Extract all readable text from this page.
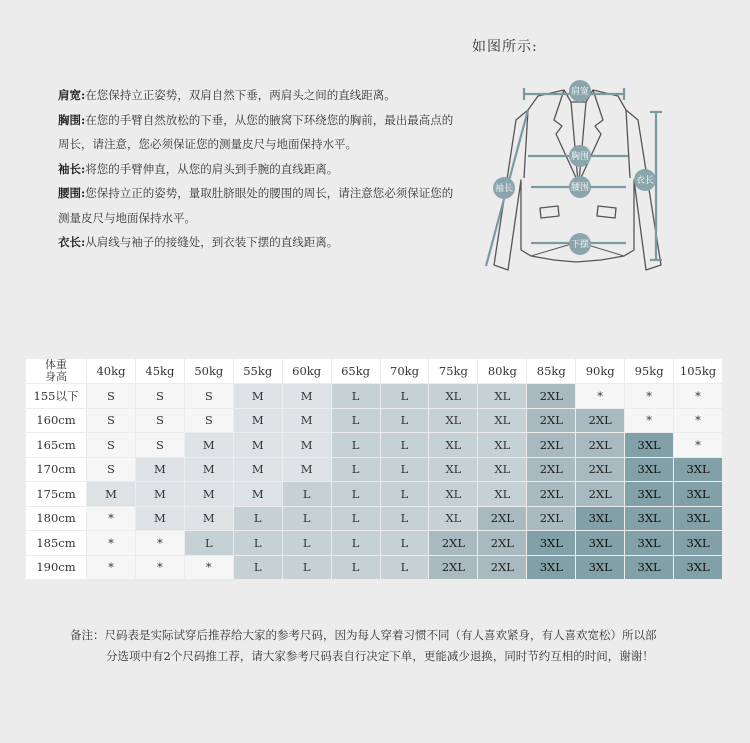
肩宽:在您保持立正姿势，双肩自然下垂，两肩头之间的直线距离。

胸围:在您的手臂自然放松的下垂，从您的腋窝下环绕您的胸前，最出最高点的周长，请注意，您必须保证您的测量皮尺与地面保持水平。

袖长:将您的手臂伸直，从您的肩头到手腕的直线距离。

腰围:您保持立正的姿势，量取肚脐眼处的腰围的周长，请注意您必须保证您的测量皮尺与地面保持水平。

衣长:从肩线与袖子的接缝处，到衣装下摆的直线距离。

如图所示:
肩宽
胸围
腰围
袖长
衣长
下摆
体重
身高	40kg	45kg	50kg	55kg	60kg	65kg	70kg	75kg	80kg	85kg	90kg	95kg	105kg
155以下	S	S	S	M	M	L	L	XL	XL	2XL	*	*	*
160cm	S	S	S	M	M	L	L	XL	XL	2XL	2XL	*	*
165cm	S	S	M	M	M	L	L	XL	XL	2XL	2XL	3XL	*
170cm	S	M	M	M	M	L	L	XL	XL	2XL	2XL	3XL	3XL
175cm	M	M	M	M	L	L	L	XL	XL	2XL	2XL	3XL	3XL
180cm	*	M	M	L	L	L	L	XL	2XL	2XL	3XL	3XL	3XL
185cm	*	*	L	L	L	L	L	2XL	2XL	3XL	3XL	3XL	3XL
190cm	*	*	*	L	L	L	L	2XL	2XL	3XL	3XL	3XL	3XL

备注：尺码表是实际试穿后推荐给大家的参考尺码，因为每人穿着习惯不同（有人喜欢紧身，有人喜欢宽松）所以部

分选项中有2个尺码推工荐，请大家参考尺码表自行决定下单，更能减少退换，同时节约互相的时间，谢谢！
